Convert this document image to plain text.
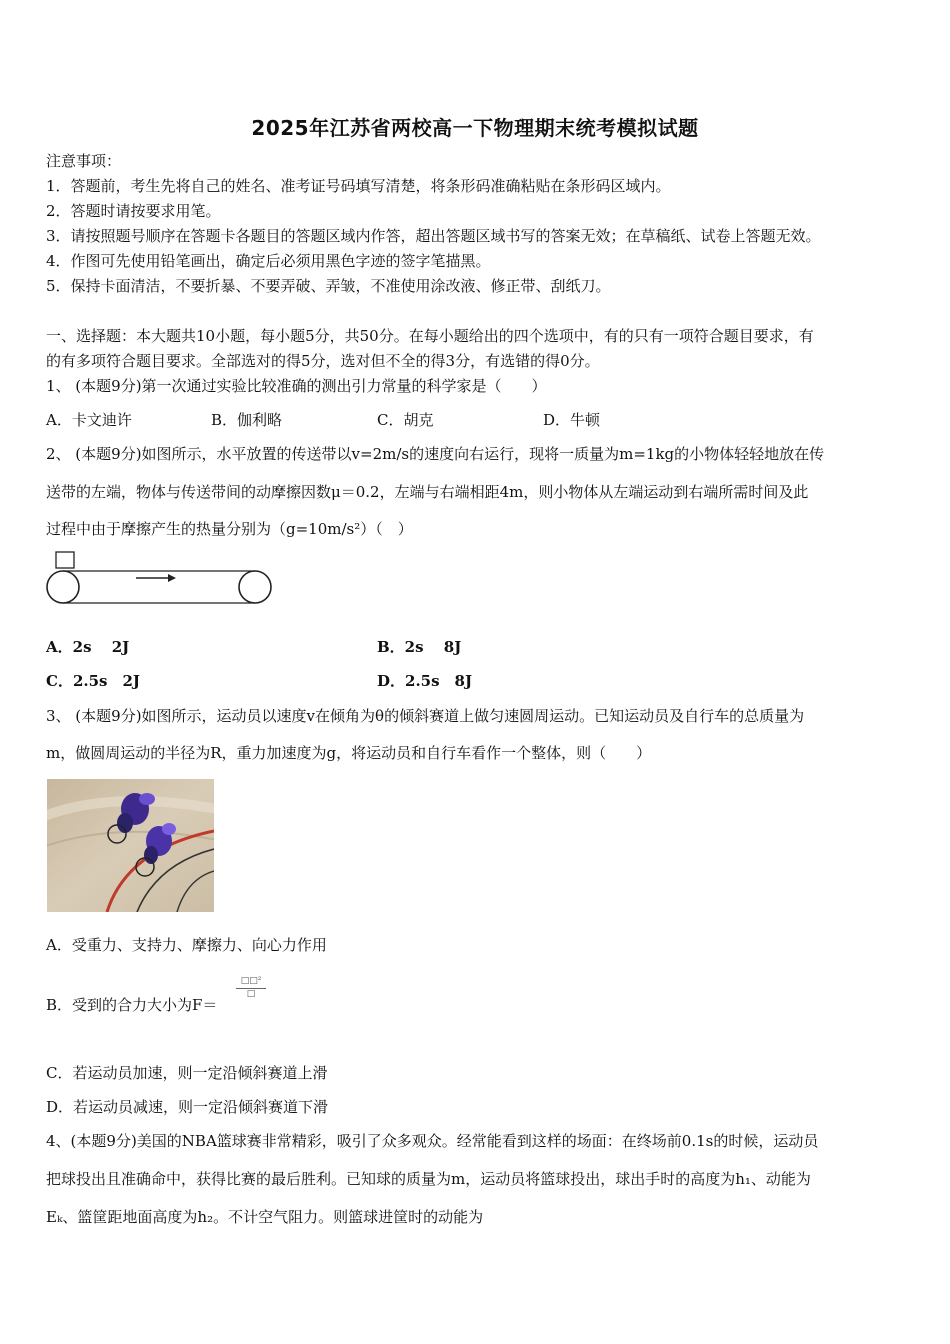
2025年江苏省两校高一下物理期末统考模拟试题
注意事项：
1．答题前，考生先将自己的姓名、准考证号码填写清楚，将条形码准确粘贴在条形码区域内。
2．答题时请按要求用笔。
3．请按照题号顺序在答题卡各题目的答题区域内作答，超出答题区域书写的答案无效；在草稿纸、试卷上答题无效。
4．作图可先使用铅笔画出，确定后必须用黑色字迹的签字笔描黑。
5．保持卡面清洁，不要折暴、不要弄破、弄皱，不准使用涂改液、修正带、刮纸刀。
一、选择题：本大题共10小题，每小题5分，共50分。在每小题给出的四个选项中，有的只有一项符合题目要求，有
的有多项符合题目要求。全部选对的得5分，选对但不全的得3分，有选错的得0分。
1、 (本题9分)第一次通过实验比较准确的测出引力常量的科学家是（　　）
A．卡文迪许	B．伽利略	C．胡克	D．牛顿
2、 (本题9分)如图所示，水平放置的传送带以v=2m/s的速度向右运行，现将一质量为m=1kg的小物体轻轻地放在传
送带的左端，物体与传送带间的动摩擦因数μ＝0.2，左端与右端相距4m，则小物体从左端运动到右端所需时间及此
过程中由于摩擦产生的热量分别为（g=10m/s²）（　）
A．2s　 2J	B．2s　 8J
C．2.5s　2J	D．2.5s　8J
3、 (本题9分)如图所示，运动员以速度v在倾角为θ的倾斜赛道上做匀速圆周运动。已知运动员及自行车的总质量为
m，做圆周运动的半径为R，重力加速度为g，将运动员和自行车看作一个整体，则（　　）
A．受重力、支持力、摩擦力、向心力作用
B．受到的合力大小为F＝
□□²
□
C．若运动员加速，则一定沿倾斜赛道上滑
D．若运动员减速，则一定沿倾斜赛道下滑
4、(本题9分)美国的NBA篮球赛非常精彩，吸引了众多观众。经常能看到这样的场面：在终场前0.1s的时候，运动员
把球投出且准确命中，获得比赛的最后胜利。已知球的质量为m，运动员将篮球投出，球出手时的高度为h₁、动能为
Eₖ、篮筐距地面高度为h₂。不计空气阻力。则篮球进筐时的动能为
